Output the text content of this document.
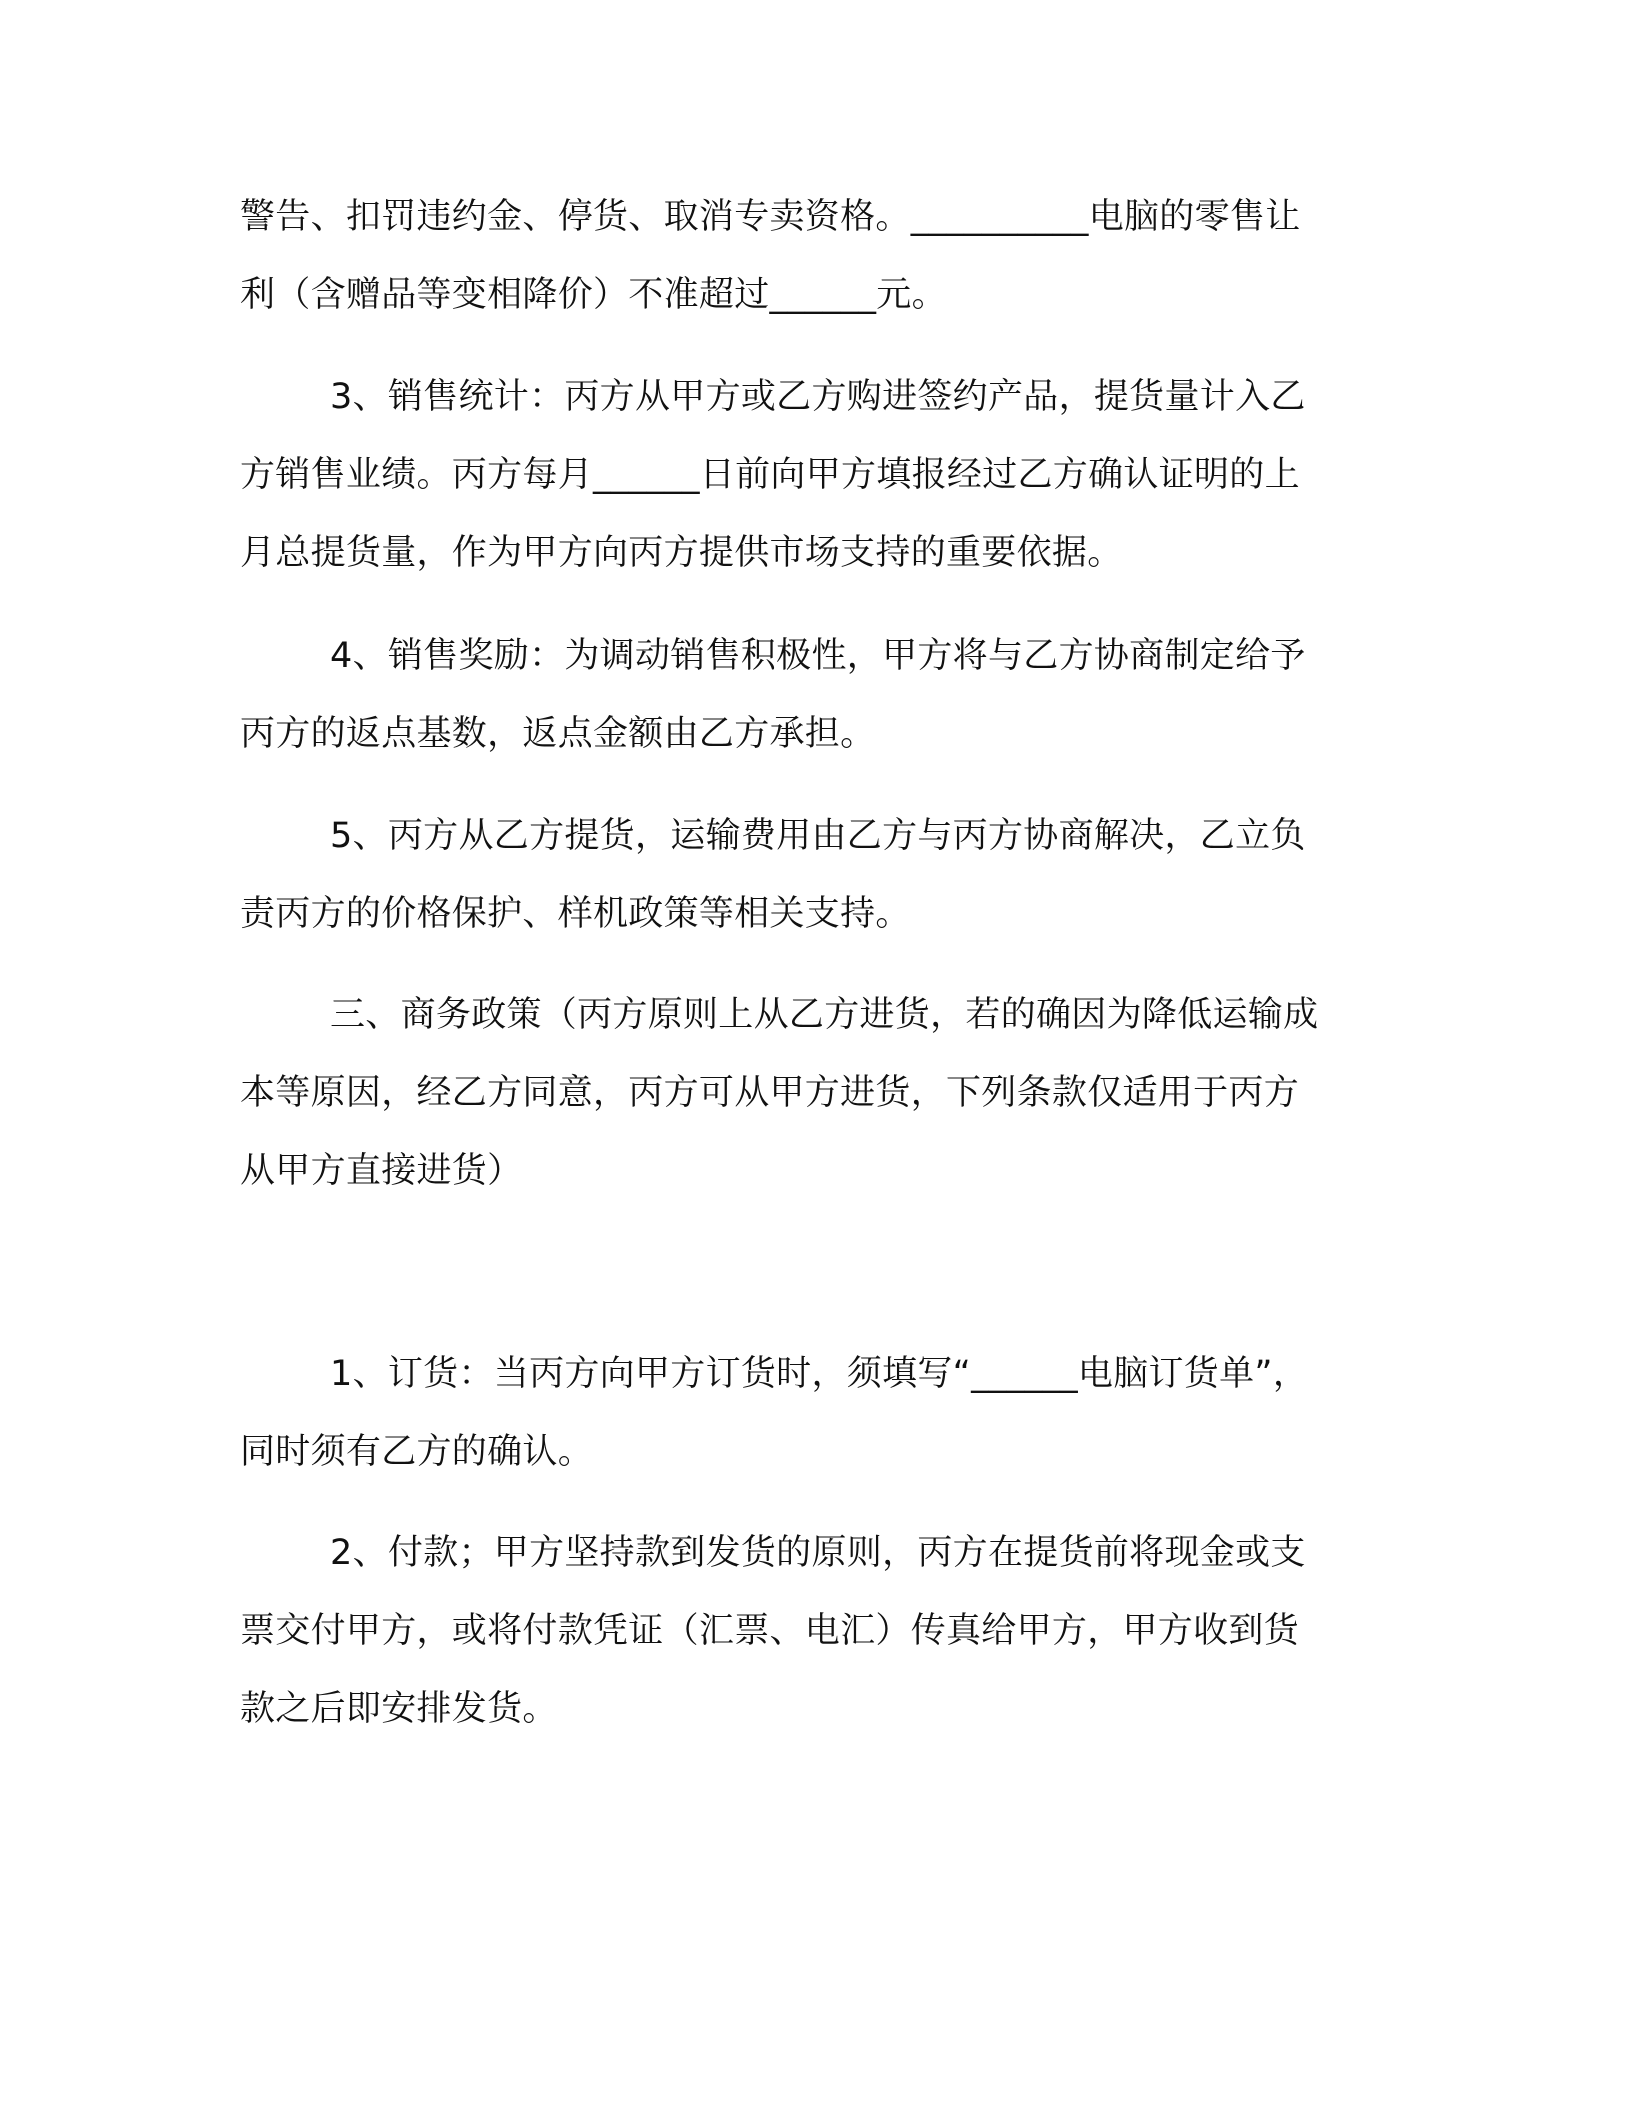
警告、扣罚违约金、停货、取消专卖资格。__________电脑的零售让
利（含赠品等变相降价）不准超过______元。

3、销售统计：丙方从甲方或乙方购进签约产品，提货量计入乙
方销售业绩。丙方每月______日前向甲方填报经过乙方确认证明的上
月总提货量，作为甲方向丙方提供市场支持的重要依据。

4、销售奖励：为调动销售积极性，甲方将与乙方协商制定给予
丙方的返点基数，返点金额由乙方承担。

5、丙方从乙方提货，运输费用由乙方与丙方协商解决，乙立负
责丙方的价格保护、样机政策等相关支持。

三、商务政策（丙方原则上从乙方进货，若的确因为降低运输成
本等原因，经乙方同意，丙方可从甲方进货，下列条款仅适用于丙方
从甲方直接进货）

1、订货：当丙方向甲方订货时，须填写“______电脑订货单”，
同时须有乙方的确认。

2、付款；甲方坚持款到发货的原则，丙方在提货前将现金或支
票交付甲方，或将付款凭证（汇票、电汇）传真给甲方，甲方收到货
款之后即安排发货。
